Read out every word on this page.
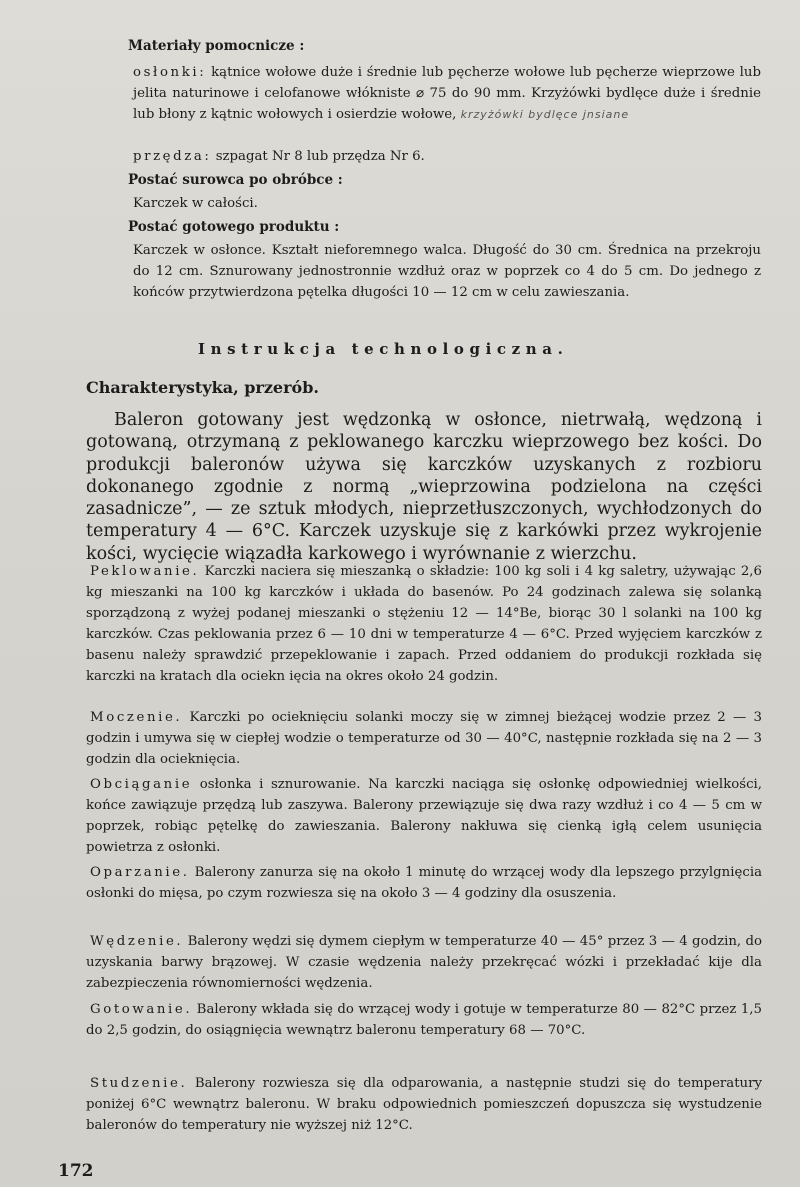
Materiały pomocnicze :
osłonki: kątnice wołowe duże i średnie lub pęcherze wołowe lub pęcherze wieprzowe lub jelita naturinowe i celofanowe włókniste ⌀ 75 do 90 mm. Krzyżówki bydlęce duże i średnie lub błony z kątnic wołowych i osierdzie wołowe, krzyżówki bydlęce jnsiane
przędza: szpagat Nr 8 lub przędza Nr 6.
Postać surowca po obróbce :
Karczek w całości.
Postać gotowego produktu :
Karczek w osłonce. Kształt nieforemnego walca. Długość do 30 cm. Średnica na przekroju do 12 cm. Sznurowany jednostronnie wzdłuż oraz w poprzek co 4 do 5 cm. Do jednego z końców przytwierdzona pętelka długości 10 — 12 cm w celu zawieszania.
Instrukcja technologiczna.
Charakterystyka, przerób.
Baleron gotowany jest wędzonką w osłonce, nietrwałą, wędzoną i gotowaną, otrzymaną z peklowanego karczku wieprzowego bez kości. Do produkcji baleronów używa się karczków uzyskanych z rozbioru dokonanego zgodnie z normą „wieprzowina podzielona na części zasadnicze”, — ze sztuk młodych, nieprzetłuszczonych, wychłodzonych do temperatury 4 — 6°C. Karczek uzyskuje się z karkówki przez wykrojenie kości, wycięcie wiązadła karkowego i wyrównanie z wierzchu.
Peklowanie. Karczki naciera się mieszanką o składzie: 100 kg soli i 4 kg saletry, używając 2,6 kg mieszanki na 100 kg karczków i układa do basenów. Po 24 godzinach zalewa się solanką sporządzoną z wyżej podanej mieszanki o stężeniu 12 — 14°Be, biorąc 30 l solanki na 100 kg karczków. Czas peklowania przez 6 — 10 dni w temperaturze 4 — 6°C. Przed wyjęciem karczków z basenu należy sprawdzić przepeklowanie i zapach. Przed oddaniem do produkcji rozkłada się karczki na kratach dla ociekn ięcia na okres około 24 godzin.
Moczenie. Karczki po ocieknięciu solanki moczy się w zimnej bieżącej wodzie przez 2 — 3 godzin i umywa się w ciepłej wodzie o temperaturze od 30 — 40°C, następnie rozkłada się na 2 — 3 godzin dla ocieknięcia.
Obciąganie osłonka i sznurowanie. Na karczki naciąga się osłonkę odpowiedniej wielkości, końce zawiązuje przędzą lub zaszywa. Balerony przewiązuje się dwa razy wzdłuż i co 4 — 5 cm w poprzek, robiąc pętelkę do zawieszania. Balerony nakłuwa się cienką igłą celem usunięcia powietrza z osłonki.
Oparzanie. Balerony zanurza się na około 1 minutę do wrzącej wody dla lepszego przylgnięcia osłonki do mięsa, po czym rozwiesza się na około 3 — 4 godziny dla osuszenia.
Wędzenie. Balerony wędzi się dymem ciepłym w temperaturze 40 — 45° przez 3 — 4 godzin, do uzyskania barwy brązowej. W czasie wędzenia należy przekręcać wózki i przekładać kije dla zabezpieczenia równomierności wędzenia.
Gotowanie. Balerony wkłada się do wrzącej wody i gotuje w temperaturze 80 — 82°C przez 1,5 do 2,5 godzin, do osiągnięcia wewnątrz baleronu temperatury 68 — 70°C.
Studzenie. Balerony rozwiesza się dla odparowania, a następnie studzi się do temperatury poniżej 6°C wewnątrz baleronu. W braku odpowiednich pomieszczeń dopuszcza się wystudzenie baleronów do temperatury nie wyższej niż 12°C.
172
